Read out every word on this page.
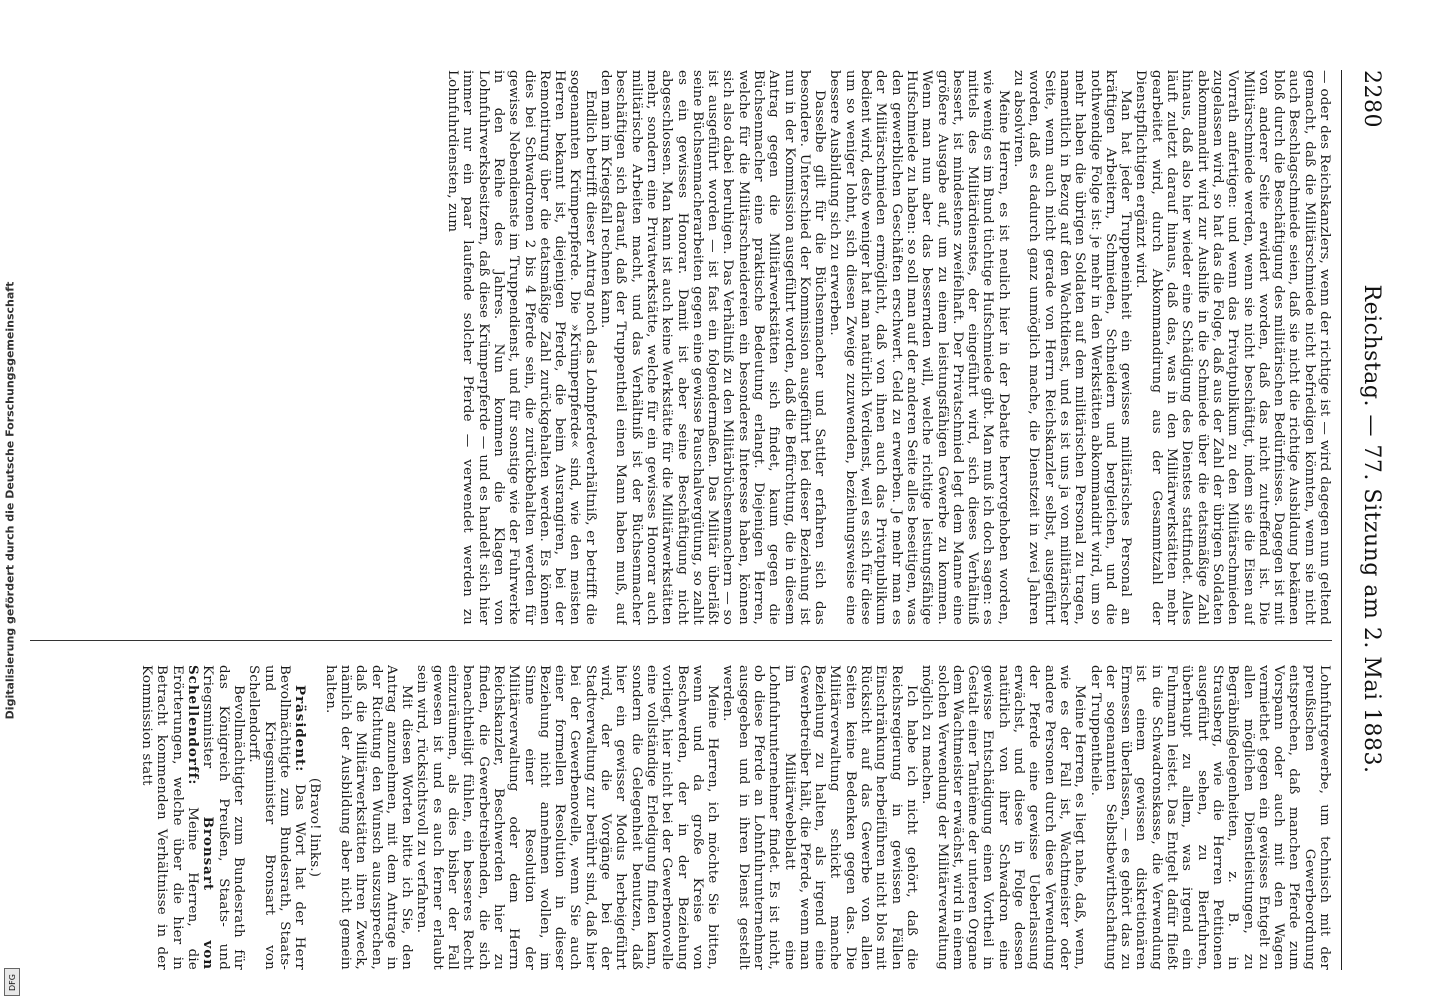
2280
Reichstag. — 77. Sitzung am 2. Mai 1883.

— oder des Reichskanzlers, wenn der richtige ist — wird dagegen nun geltend gemacht, daß die Militärschmiede nicht befriedigen könnten, wenn sie nicht auch Beschlagschmiede seien, daß sie nicht die richtige Ausbildung bekämen bloß durch die Beschäftigung des militärischen Bedürfnisses. Dagegen ist mit von anderer Seite erwidert worden, daß das nicht zutreffend ist. Die Militärschmiede werden, wenn sie nicht beschäftigt, indem sie die Eisen auf Vorrath anfertigen: und wenn das Privatpublikum zu den Militärschmieden zugelassen wird, so hat das die Folge, daß aus der Zahl der übrigen Soldaten abkommandirt wird zur Aushilfe in die Schmiede über die etatsmäßige Zahl hinaus, daß also hier wieder eine Schädigung des Dienstes stattfindet. Alles läuft zuletzt darauf hinaus, daß das, was in den Militärwerkstätten mehr gearbeitet wird, durch Abkommandirung aus der Gesammtzahl der Dienstpflichtigen ergänzt wird.

Man hat jeder Truppeneinheit ein gewisses militärisches Personal an kräftigen Arbeitern, Schmieden, Schneidern und bergleichen, und die nothwendige Folge ist: je mehr in den Werkstätten abkommandirt wird, um so mehr haben die übrigen Soldaten auf dem militärischen Personal zu tragen, namentlich in Bezug auf den Wachtdienst, und es ist uns ja von militärischer Seite, wenn auch nicht gerade von Herrn Reichskanzler selbst, ausgeführt worden, daß es dadurch ganz unmöglich mache, die Dienstzeit in zwei Jahren zu absolviren.

Meine Herren, es ist neulich hier in der Debatte hervorgehoben worden, wie wenig es im Bund tüchtige Hufschmiede gibt. Man muß ich doch sagen: es mittels des Militärdienstes, der eingeführt wird, sich dieses Verhältniß bessert, ist mindestens zweifelhaft. Der Privatschmied legt dem Manne eine größere Ausgabe auf, um zu einem leistungsfähigen Gewerbe zu kommen. Wenn man nun aber das bessernden will, welche richtige leistungsfähige Hufschmiede zu haben: so soll man auf der anderen Seite alles beseitigen, was den gewerblichen Geschäften erschwert. Geld zu erwerben. Je mehr man es der Militärschmieden ermöglicht, daß von ihnen auch das Privatpublikum bedient wird, desto weniger hat man natürlich Verdienst, weil es sich für diese um so weniger lohnt, sich diesen Zweige zuzuwenden, beziehungsweise eine bessere Ausbildung sich zu erwerben.

Dasselbe gilt für die Büchsenmacher und Sattler erfahren sich das besondere. Unterschied der Kommission ausgeführt bei dieser Beziehung ist nun in der Kommission ausgeführt worden, daß die Befürchtung, die in diesem Antrag gegen die Militärwerkstätten sich findet, kaum gegen die Büchsenmacher eine praktische Bedeutung erlangt. Diejenigen Herren, welche für die Militärschneidereien ein besonderes Interesse haben, können sich also dabei beruhigen. Das Verhältniß zu den Militärbüchsenmachern — so ist ausgeführt worden — ist fast ein folgendermaßen. Das Militär überläßt seine Büchsenmacherarbeiten gegen eine gewisse Pauschalvergütung, so zahlt es ein gewisses Honorar. Damit ist aber seine Beschäftigung nicht abgeschlossen. Man kann ist auch keine Werkstätte für die Militärwerkstätten mehr, sondern eine Privatwerkstätte, welche für ein gewisses Honorar auch militärische Arbeiten macht, und das Verhältniß ist der Büchsenmacher beschäftigen sich darauf, daß der Truppentheil einen Mann haben muß, auf den man im Kriegsfall rechnen kann.

Endlich betrifft dieser Antrag noch das Lohnpferdeverhältniß, er betrifft die sogenannten Krümperpferde. Die »Krümperpferde« sind, wie den meisten Herren bekannt ist, diejenigen Pferde, die beim Ausrangiren, bei der Remontirung über die etatsmäßige Zahl zurückgehalten werden. Es können dies bei Schwadronen 2 bis 4 Pferde sein, die zurückbehalten werden für gewisse Nebendienste im Truppendienst, und für sonstige wie der Fuhrwerke in den Reihe des Jahres. Nun kommen die Klagen von Lohnfuhrwerksbesitzern, daß diese Krümperpferde — und es handelt sich hier immer nur ein paar laufende solcher Pferde — verwendet werden zu Lohnfuhrdiensten, zum

Lohnfuhrgewerbe, um technisch mit der preußischen Gewerbeordnung entsprechen, daß manchen Pferde zum Vorspann oder auch mit den Wagen vermiethet gegen ein gewisses Entgelt zu allen möglichen Dienstleistungen, zu Begräbnißgelegenheiten, z. B. in Strausberg, wie die Herren Petitionen ausgeführt sehen, zu Bierfuhren, überhaupt zu allem, was irgend ein Fuhrmann leistet. Das Entgelt dafür fließt in die Schwadronskasse, die Verwendung ist einem gewissen diskretionären Ermessen überlassen, — es gehört das zu der sogenannten Selbstbewirthschaftung der Truppentheile.

Meine Herren, es liegt nahe, daß, wenn, wie es der Fall ist, Wachtmeister oder andere Personen durch diese Verwendung der Pferde eine gewisse Ueberlassung erwächst, und diese in Folge dessen natürlich von ihrer Schwadron eine gewisse Entschädigung einen Vortheil in Gestalt einer Tantième der unteren Organe dem Wachtmeister erwächst, wird in einem solchen Verwendung der Militärverwaltung möglich zu machen.

Ich habe ich nicht gehört, daß die Reichsregierung in gewissen Fällen Einschränkung herbeiführen nicht blos mit Rücksicht auf das Gewerbe von allen Seiten keine Bedenken gegen das. Die Militärverwaltung schickt manche Beziehung zu halten, als irgend eine Gewerbetreiber hält, die Pferde, wenn man im Militärwebeblatt eine Lohnfuhrunternehmer findet. Es ist nicht, ob diese Pferde an Lohnfuhrunternehmer ausgegeben und in ihren Dienst gestellt werden.

Meine Herren, ich möchte Sie bitten, wenn und da große Kreise von Beschwerden, der in der Beziehung vorliegt, hier nicht bei der Gewerbenovelle eine vollständige Erledigung finden kann, sondern die Gelegenheit benutzen, daß hier ein gewisser Modus herbeigeführt wird, der die Vorgänge bei der Stadtverwaltung zur berührt sind, daß hier bei der Gewerbenovelle, wenn Sie auch einer formellen Resolution in dieser Beziehung nicht annehmen wollen, im Sinne einer Resolution der Militärverwaltung oder dem Herrn Reichskanzler, Beschwerden hier zu finden, die Gewerbetreibenden, die sich benachtheiligt fühlen, ein besseres Recht einzuräumen, als dies bisher der Fall gewesen ist und es auch ferner erlaubt sein wird, rücksichtsvoll zu verfahren.

Mit diesen Worten bitte ich Sie, den Antrag anzunehmen, mit dem Antrage in der Richtung den Wunsch auszusprechen, daß die Militärwerkstätten ihren Zweck, nämlich der Ausbildung aber nicht gemein halten.

(Bravo! links.)

Präsident: Das Wort hat der Herr Bevollmächtigte zum Bundesrath, Staats- und Kriegsminister Bronsart von Schellendorff.

Bevollmächtigter zum Bundesrath für das Königreich Preußen, Staats- und Kriegsminister Bronsart von Schellendorff: Meine Herren, die Erörterungen, welche über die hier in Betracht kommenden Verhältnisse in der Kommission statt

Digitalisierung gefördert durch die Deutsche Forschungsgemeinschaft
DFG
